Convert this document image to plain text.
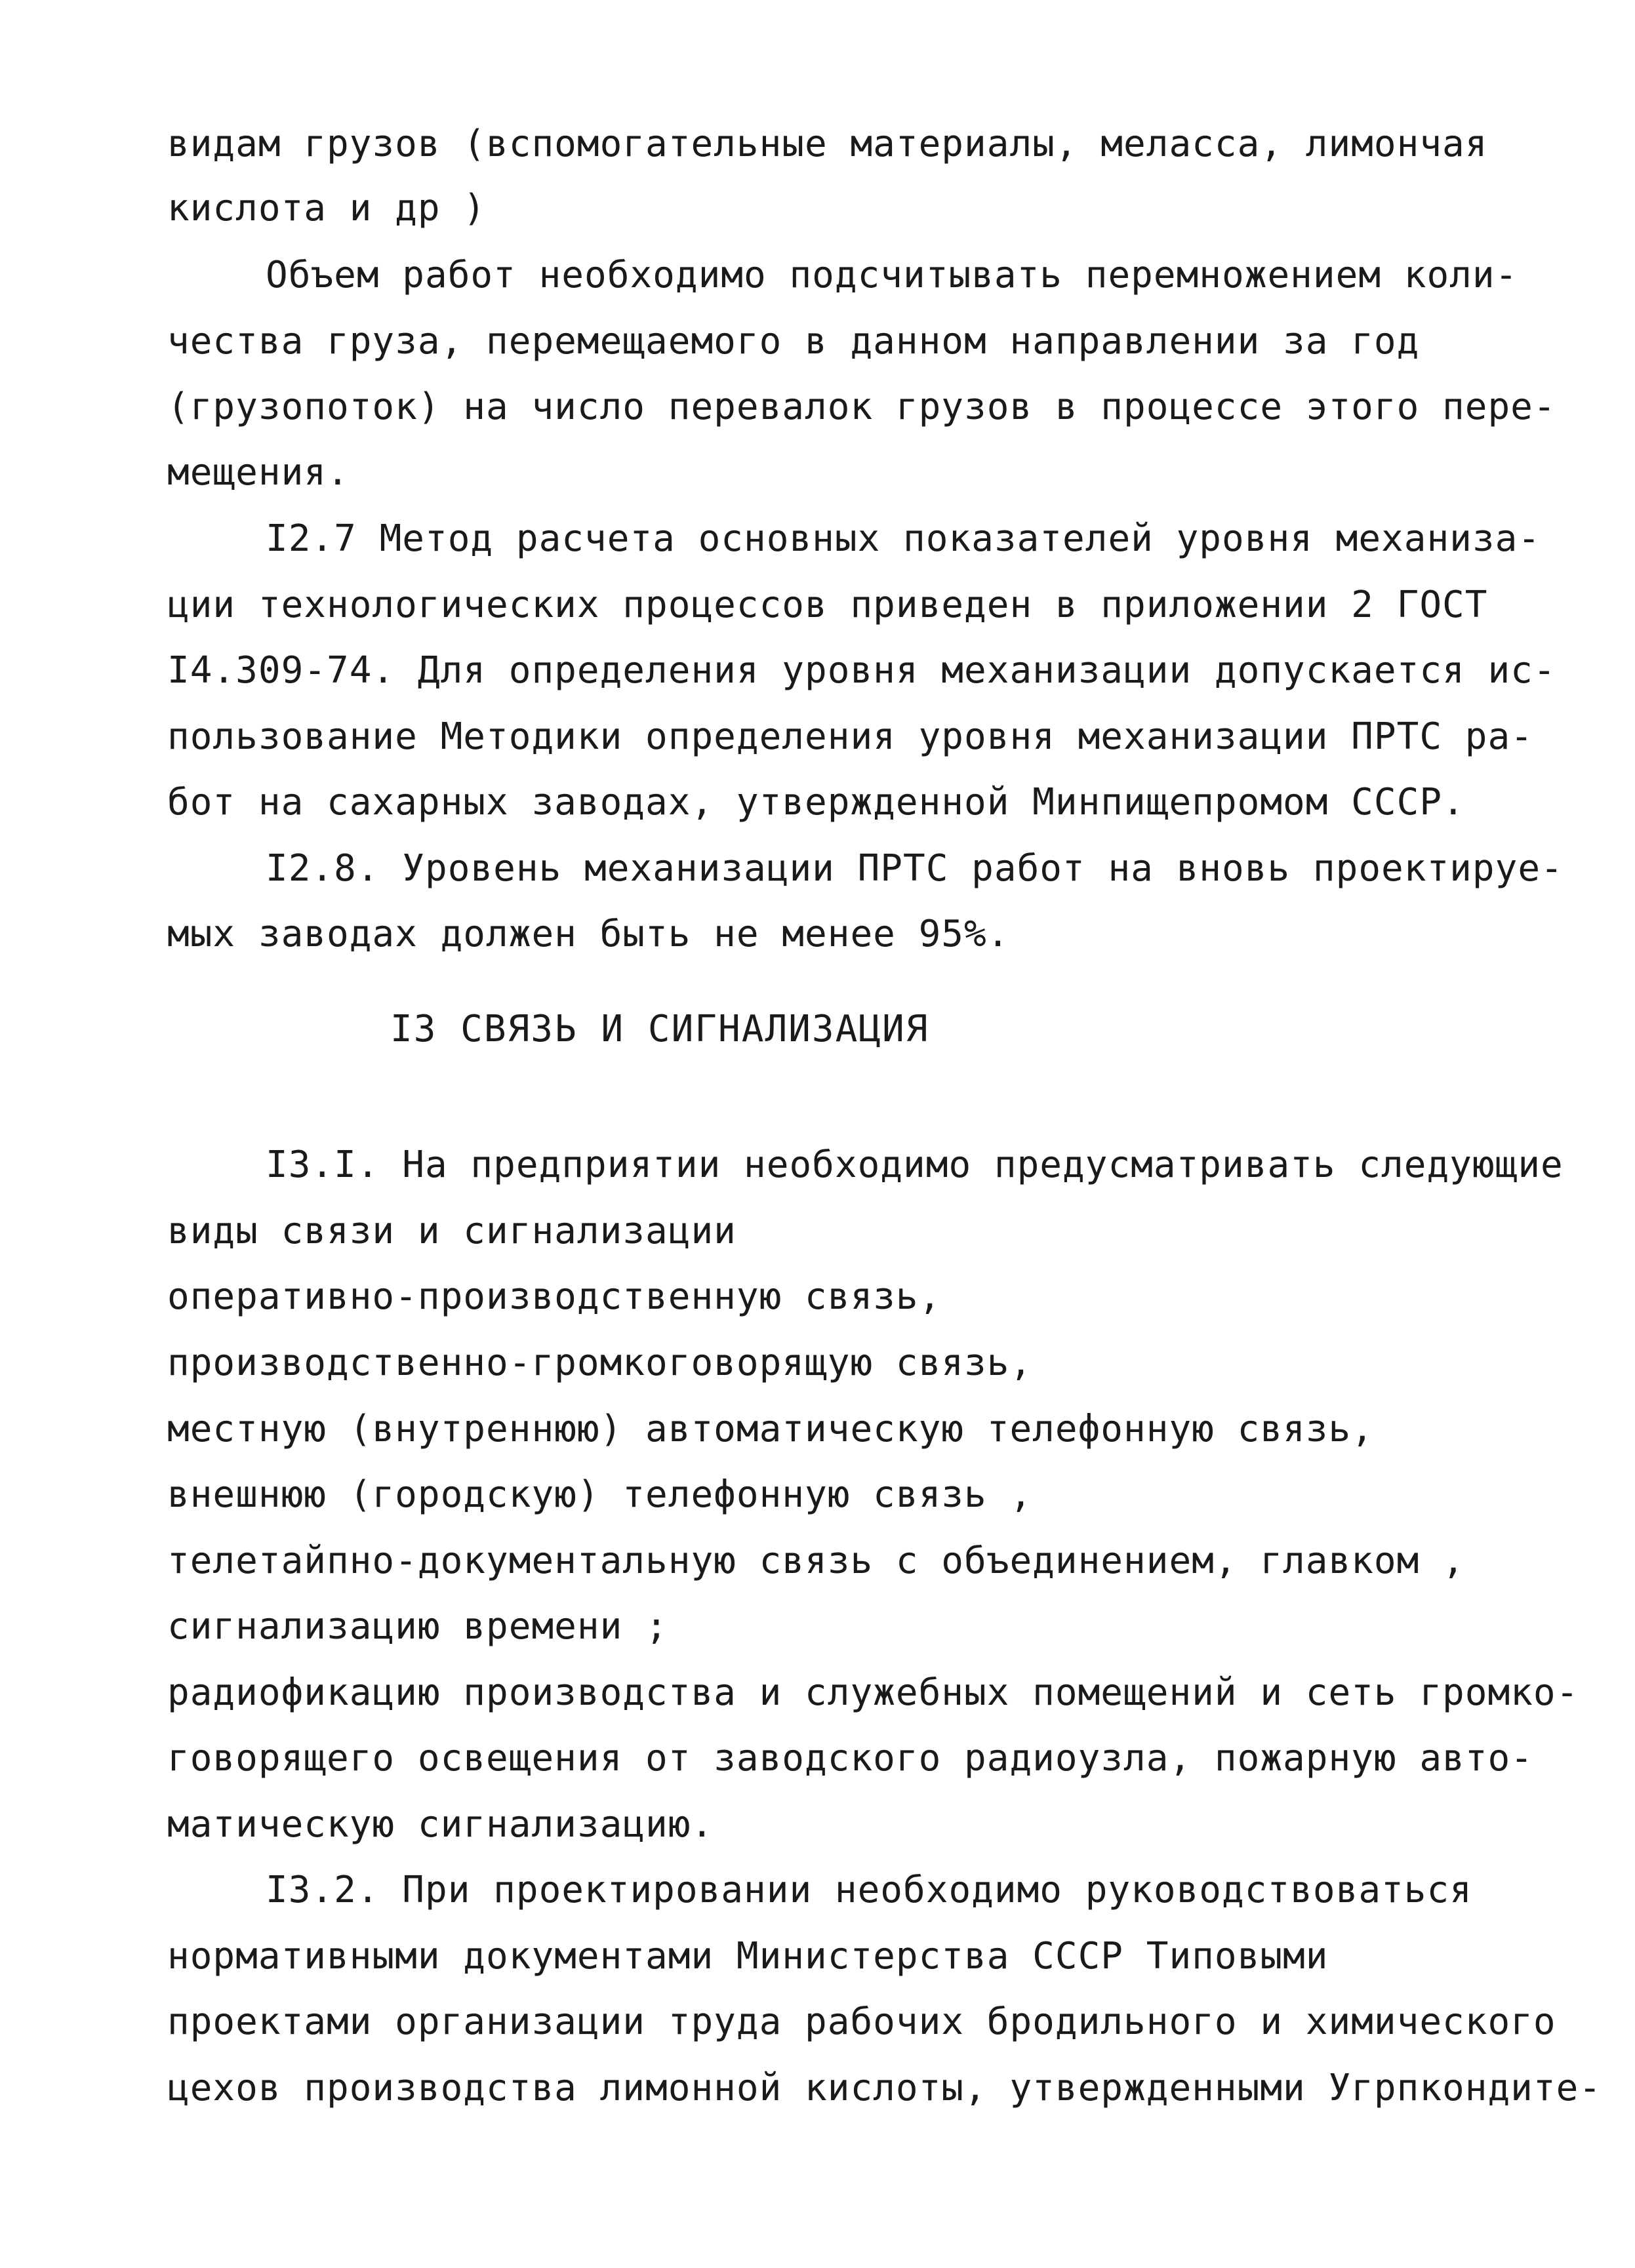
видам грузов (вспомогательные материалы, меласса, лимончая
кислота и др )
Объем работ необходимо подсчитывать перемножением коли-
чества груза, перемещаемого в данном направлении за год
(грузопоток) на число перевалок грузов в процессе этого пере-
мещения.
I2.7 Метод расчета основных показателей уровня механиза-
ции технологических процессов приведен в приложении 2 ГОСТ
I4.309-74. Для определения уровня механизации допускается ис-
пользование Методики определения уровня механизации ПРТС ра-
бот на сахарных заводах, утвержденной Минпищепромом СССР.
I2.8. Уровень механизации ПРТС работ на вновь проектируе-
мых заводах должен быть не менее 95%.
I3 СВЯЗЬ И СИГНАЛИЗАЦИЯ
I3.I. На предприятии необходимо предусматривать следующие
виды связи и сигнализации
оперативно-производственную связь,
производственно-громкоговорящую связь,
местную (внутреннюю) автоматическую телефонную связь,
внешнюю (городскую) телефонную связь ,
телетайпно-документальную связь с объединением, главком ,
сигнализацию времени ;
радиофикацию производства и служебных помещений и сеть громко-
говорящего освещения от заводского радиоузла, пожарную авто-
матическую сигнализацию.
I3.2. При проектировании необходимо руководствоваться
нормативными документами Министерства СССР Типовыми
проектами организации труда рабочих бродильного и химического
цехов производства лимонной кислоты, утвержденными Угрпкондите-
